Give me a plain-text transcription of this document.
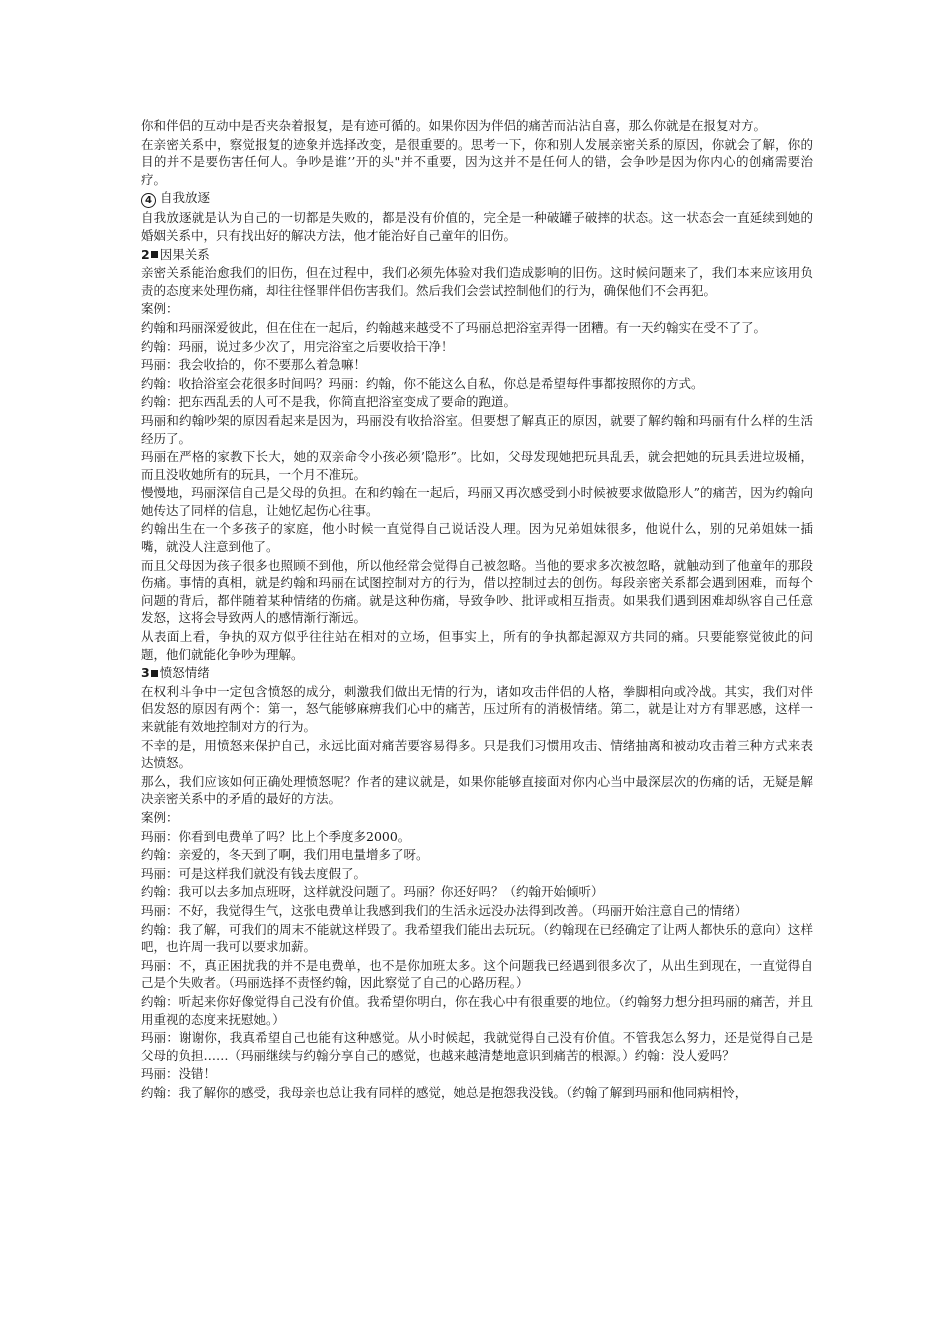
你和伴侣的互动中是否夹杂着报复，是有迹可循的。如果你因为伴侣的痛苦而沾沾自喜，那么你就是在报复对方。

在亲密关系中，察觉报复的迹象并选择改变，是很重要的。思考一下，你和别人发展亲密关系的原因，你就会了解，你的目的并不是要伤害任何人。争吵是谁’’开的头"并不重要，因为这并不是任何人的错，会争吵是因为你内心的创痛需要治疗。

4 自我放逐

自我放逐就是认为自己的一切都是失败的，都是没有价值的，完全是一种破罐子破摔的状态。这一状态会一直延续到她的婚姻关系中，只有找出好的解决方法，他才能治好自己童年的旧伤。

2 因果关系

亲密关系能治愈我们的旧伤，但在过程中，我们必须先体验对我们造成影响的旧伤。这时候问题来了，我们本来应该用负责的态度来处理伤痛，却往往怪罪伴侣伤害我们。然后我们会尝试控制他们的行为，确保他们不会再犯。

案例：

约翰和玛丽深爱彼此，但在住在一起后，约翰越来越受不了玛丽总把浴室弄得一团糟。有一天约翰实在受不了了。

约翰：玛丽，说过多少次了，用完浴室之后要收拾干净！

玛丽：我会收拾的，你不要那么着急嘛！

约翰：收拾浴室会花很多时间吗？玛丽：约翰，你不能这么自私，你总是希望每件事都按照你的方式。

约翰：把东西乱丢的人可不是我，你简直把浴室变成了要命的跑道。

玛丽和约翰吵架的原因看起来是因为，玛丽没有收拾浴室。但要想了解真正的原因，就要了解约翰和玛丽有什么样的生活经历了。

玛丽在严格的家教下长大，她的双亲命令小孩必须’隐形”。比如，父母发现她把玩具乱丢，就会把她的玩具丢进垃圾桶，而且没收她所有的玩具，一个月不准玩。

慢慢地，玛丽深信自己是父母的负担。在和约翰在一起后，玛丽又再次感受到小时候被要求做隐形人”的痛苦，因为约翰向她传达了同样的信息，让她忆起伤心往事。

约翰出生在一个多孩子的家庭，他小时候一直觉得自己说话没人理。因为兄弟姐妹很多，他说什么，别的兄弟姐妹一插嘴，就没人注意到他了。

而且父母因为孩子很多也照顾不到他，所以他经常会觉得自己被忽略。当他的要求多次被忽略，就触动到了他童年的那段伤痛。事情的真相，就是约翰和玛丽在试图控制对方的行为，借以控制过去的创伤。每段亲密关系都会遇到困难，而每个问题的背后，都伴随着某种情绪的伤痛。就是这种伤痛，导致争吵、批评或相互指责。如果我们遇到困难却纵容自己任意发怒，这将会导致两人的感情渐行渐远。

从表面上看，争执的双方似乎往往站在相对的立场，但事实上，所有的争执都起源双方共同的痛。只要能察觉彼此的问题，他们就能化争吵为理解。

3 愤怒情绪

在权利斗争中一定包含愤怒的成分，刺激我们做出无情的行为，诸如攻击伴侣的人格，拳脚相向或冷战。其实，我们对伴侣发怒的原因有两个：第一，怒气能够麻痹我们心中的痛苦，压过所有的消极情绪。第二，就是让对方有罪恶感，这样一来就能有效地控制对方的行为。

不幸的是，用愤怒来保护自己，永远比面对痛苦要容易得多。只是我们习惯用攻击、情绪抽离和被动攻击着三种方式来表达愤怒。

那么，我们应该如何正确处理愤怒呢？作者的建议就是，如果你能够直接面对你内心当中最深层次的伤痛的话，无疑是解决亲密关系中的矛盾的最好的方法。

案例：

玛丽：你看到电费单了吗？比上个季度多2000。

约翰：亲爱的，冬天到了啊，我们用电量增多了呀。

玛丽：可是这样我们就没有钱去度假了。

约翰：我可以去多加点班呀，这样就没问题了。玛丽？你还好吗？（约翰开始倾听）

玛丽：不好，我觉得生气，这张电费单让我感到我们的生活永远没办法得到改善。（玛丽开始注意自己的情绪）

约翰：我了解，可我们的周末不能就这样毁了。我希望我们能出去玩玩。（约翰现在已经确定了让两人都快乐的意向）这样吧，也许周一我可以要求加薪。

玛丽：不，真正困扰我的并不是电费单，也不是你加班太多。这个问题我已经遇到很多次了，从出生到现在，一直觉得自己是个失败者。（玛丽选择不责怪约翰，因此察觉了自己的心路历程。）

约翰：听起来你好像觉得自己没有价值。我希望你明白，你在我心中有很重要的地位。（约翰努力想分担玛丽的痛苦，并且用重视的态度来抚慰她。）

玛丽：谢谢你，我真希望自己也能有这种感觉。从小时候起，我就觉得自己没有价值。不管我怎么努力，还是觉得自己是父母的负担……（玛丽继续与约翰分享自己的感觉，也越来越清楚地意识到痛苦的根源。）约翰：没人爱吗？

玛丽：没错！

约翰：我了解你的感受，我母亲也总让我有同样的感觉，她总是抱怨我没钱。（约翰了解到玛丽和他同病相怜，
